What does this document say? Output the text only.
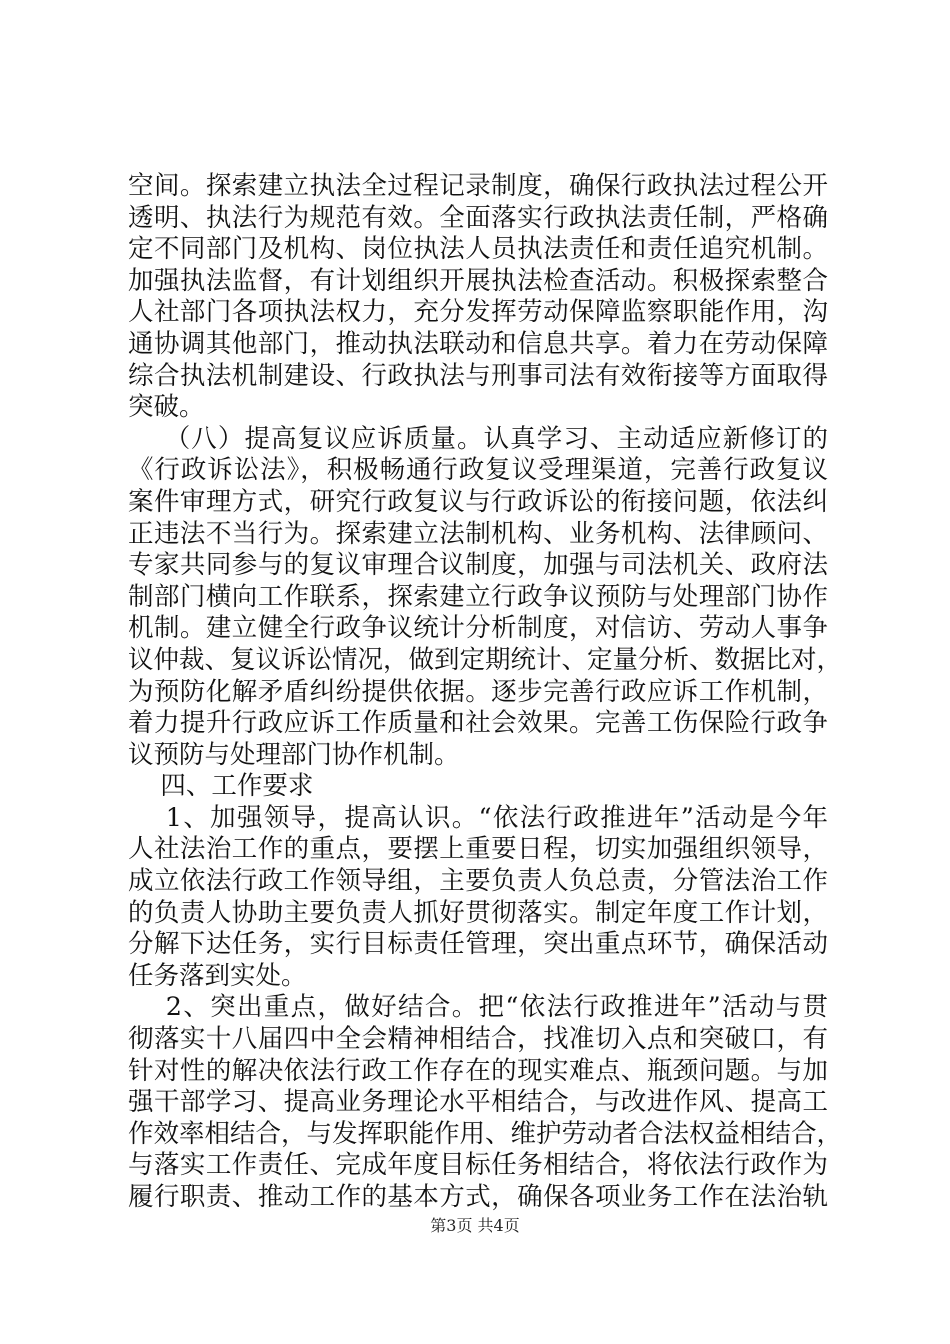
空间。探索建立执法全过程记录制度，确保行政执法过程公开
透明、执法行为规范有效。全面落实行政执法责任制，严格确
定不同部门及机构、岗位执法人员执法责任和责任追究机制。
加强执法监督，有计划组织开展执法检查活动。积极探索整合
人社部门各项执法权力，充分发挥劳动保障监察职能作用，沟
通协调其他部门，推动执法联动和信息共享。着力在劳动保障
综合执法机制建设、行政执法与刑事司法有效衔接等方面取得
突破。
（八）提高复议应诉质量。认真学习、主动适应新修订的
《行政诉讼法》，积极畅通行政复议受理渠道，完善行政复议
案件审理方式，研究行政复议与行政诉讼的衔接问题，依法纠
正违法不当行为。探索建立法制机构、业务机构、法律顾问、
专家共同参与的复议审理合议制度，加强与司法机关、政府法
制部门横向工作联系，探索建立行政争议预防与处理部门协作
机制。建立健全行政争议统计分析制度，对信访、劳动人事争
议仲裁、复议诉讼情况，做到定期统计、定量分析、数据比对，
为预防化解矛盾纠纷提供依据。逐步完善行政应诉工作机制，
着力提升行政应诉工作质量和社会效果。完善工伤保险行政争
议预防与处理部门协作机制。
四、工作要求
1、加强领导，提高认识。“依法行政推进年”活动是今年
人社法治工作的重点，要摆上重要日程，切实加强组织领导，
成立依法行政工作领导组，主要负责人负总责，分管法治工作
的负责人协助主要负责人抓好贯彻落实。制定年度工作计划，
分解下达任务，实行目标责任管理，突出重点环节，确保活动
任务落到实处。
2、突出重点，做好结合。把“依法行政推进年”活动与贯
彻落实十八届四中全会精神相结合，找准切入点和突破口，有
针对性的解决依法行政工作存在的现实难点、瓶颈问题。与加
强干部学习、提高业务理论水平相结合，与改进作风、提高工
作效率相结合，与发挥职能作用、维护劳动者合法权益相结合，
与落实工作责任、完成年度目标任务相结合，将依法行政作为
履行职责、推动工作的基本方式，确保各项业务工作在法治轨
第3页 共4页
